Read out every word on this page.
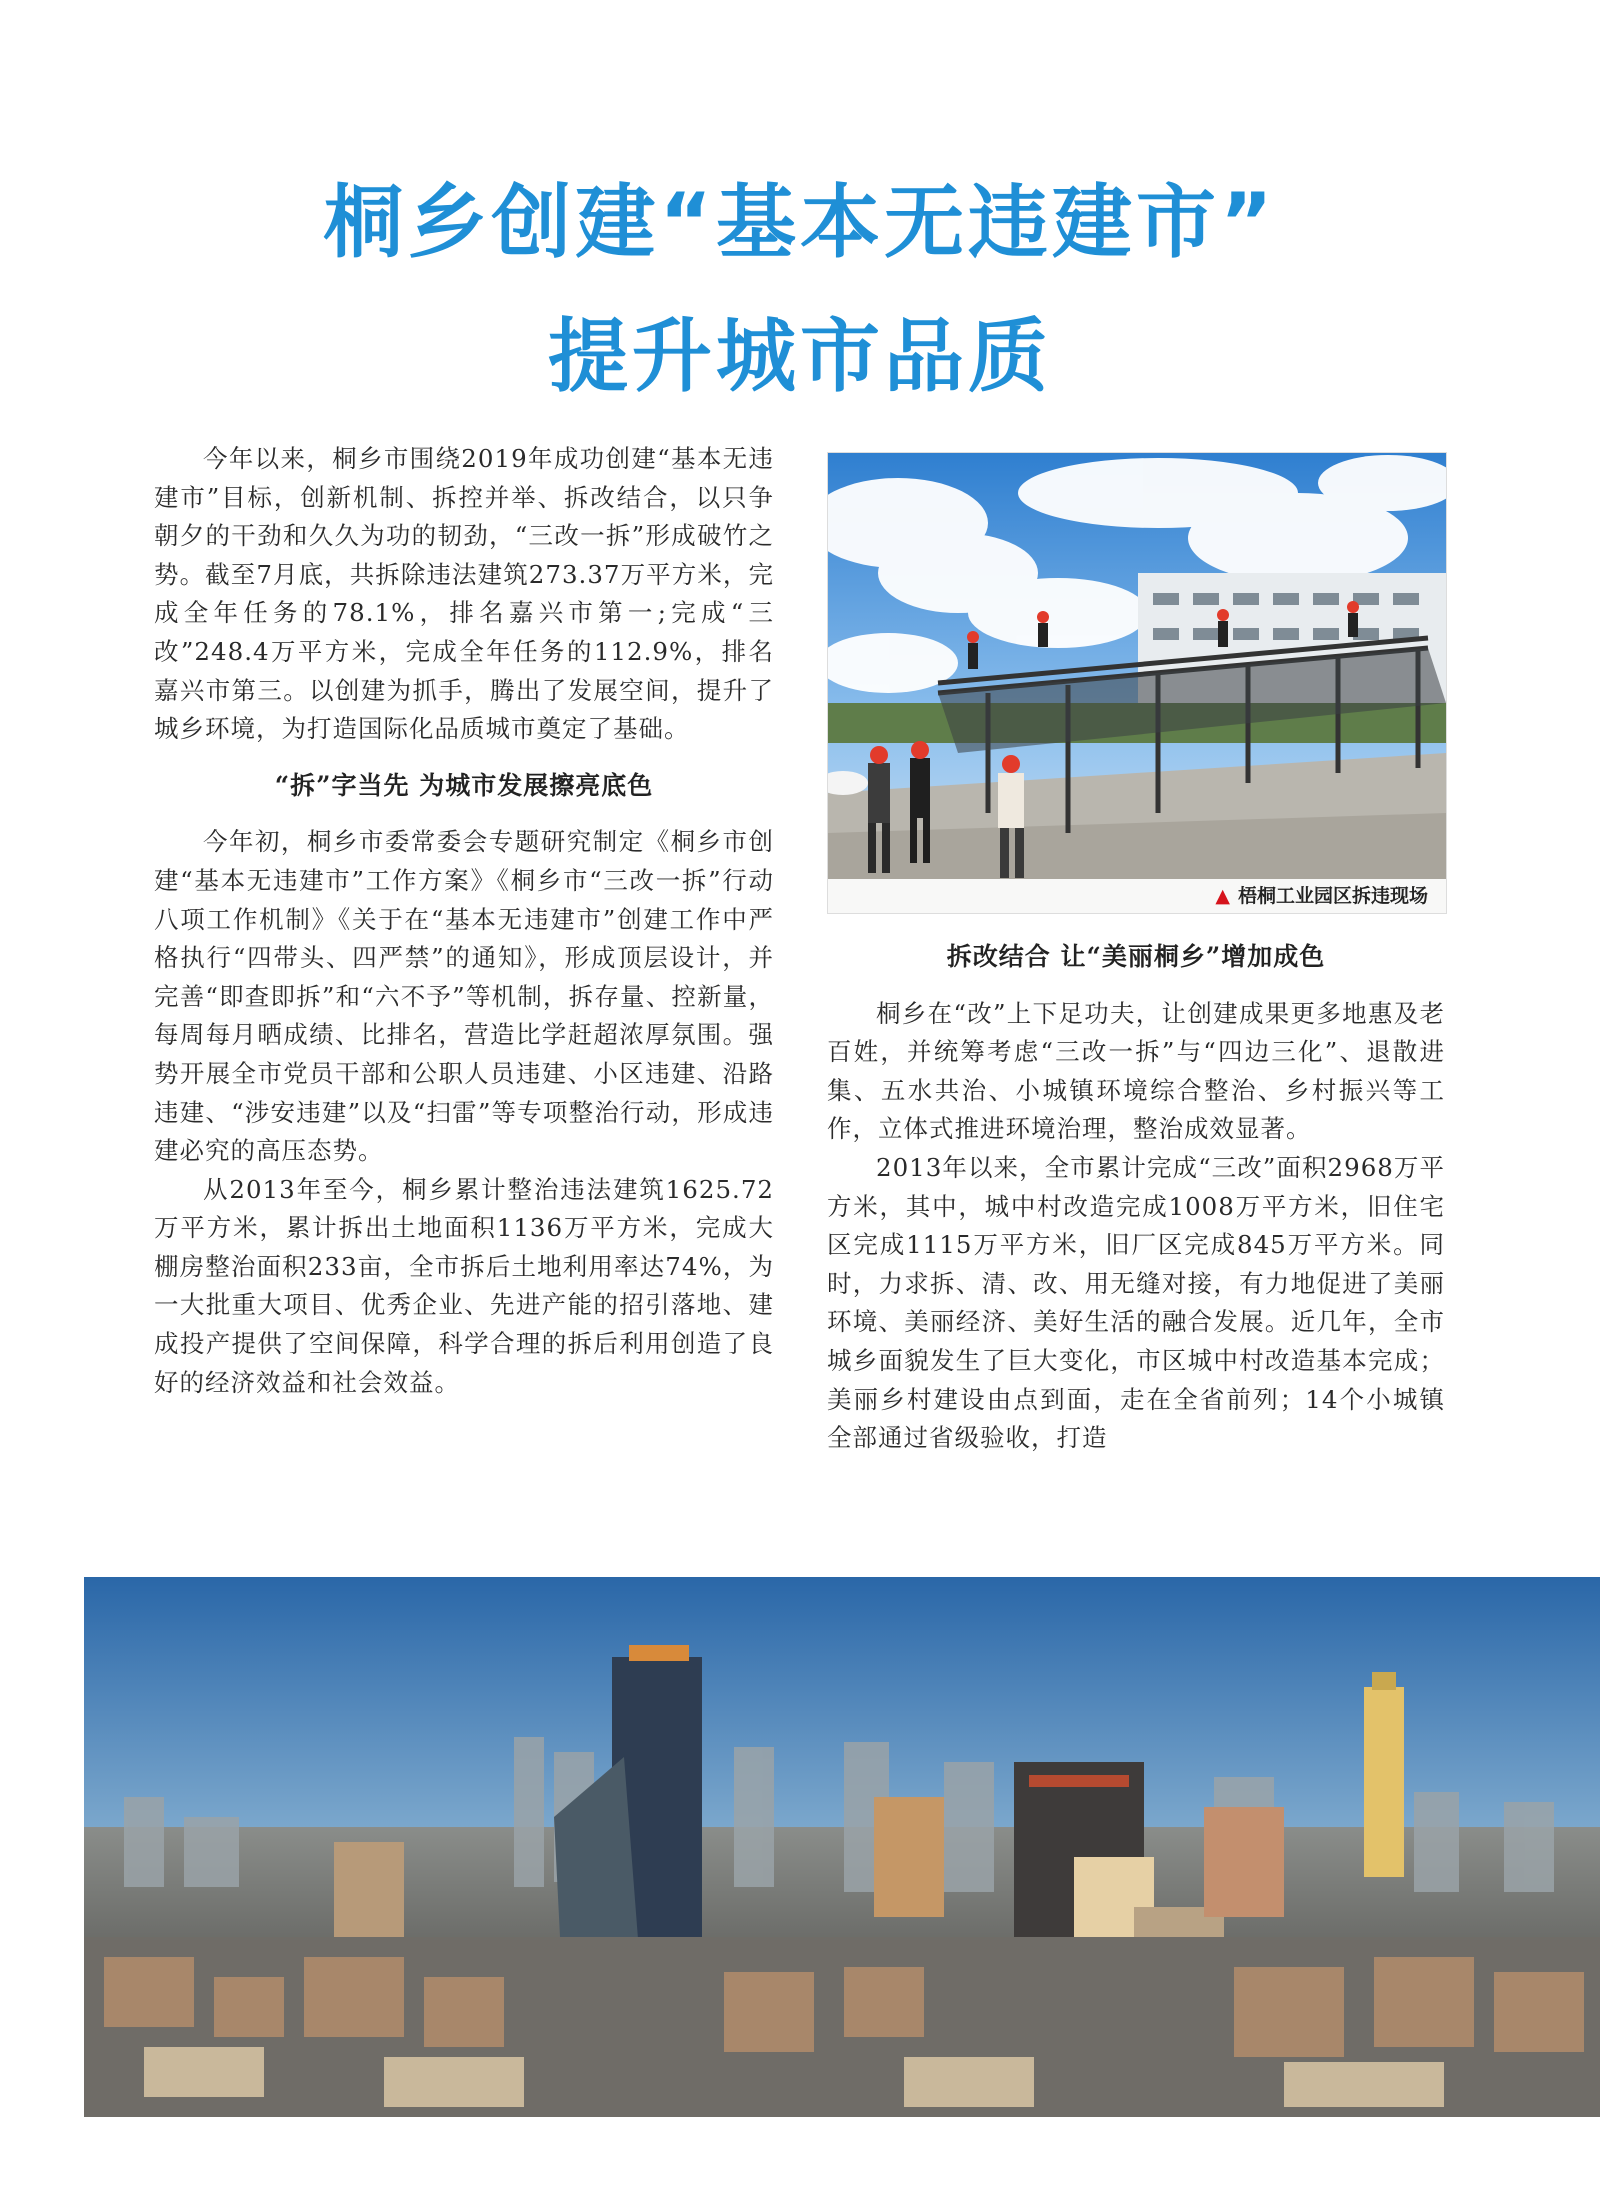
桐乡创建“基本无违建市”
提升城市品质

今年以来，桐乡市围绕2019年成功创建“基本无违建市”目标，创新机制、拆控并举、拆改结合，以只争朝夕的干劲和久久为功的韧劲，“三改一拆”形成破竹之势。截至7月底，共拆除违法建筑273.37万平方米，完成全年任务的78.1%，排名嘉兴市第一;完成“三改”248.4万平方米，完成全年任务的112.9%，排名嘉兴市第三。以创建为抓手，腾出了发展空间，提升了城乡环境，为打造国际化品质城市奠定了基础。

“拆”字当先 为城市发展擦亮底色

今年初，桐乡市委常委会专题研究制定《桐乡市创建“基本无违建市”工作方案》《桐乡市“三改一拆”行动八项工作机制》《关于在“基本无违建市”创建工作中严格执行“四带头、四严禁”的通知》，形成顶层设计，并完善“即查即拆”和“六不予”等机制，拆存量、控新量，每周每月晒成绩、比排名，营造比学赶超浓厚氛围。强势开展全市党员干部和公职人员违建、小区违建、沿路违建、“涉安违建”以及“扫雷”等专项整治行动，形成违建必究的高压态势。

从2013年至今，桐乡累计整治违法建筑1625.72万平方米，累计拆出土地面积1136万平方米，完成大棚房整治面积233亩，全市拆后土地利用率达74%，为一大批重大项目、优秀企业、先进产能的招引落地、建成投产提供了空间保障，科学合理的拆后利用创造了良好的经济效益和社会效益。

▲ 梧桐工业园区拆违现场
拆改结合 让“美丽桐乡”增加成色

桐乡在“改”上下足功夫，让创建成果更多地惠及老百姓，并统筹考虑“三改一拆”与“四边三化”、退散进集、五水共治、小城镇环境综合整治、乡村振兴等工作，立体式推进环境治理，整治成效显著。

2013年以来，全市累计完成“三改”面积2968万平方米，其中，城中村改造完成1008万平方米，旧住宅区完成1115万平方米，旧厂区完成845万平方米。同时，力求拆、清、改、用无缝对接，有力地促进了美丽环境、美丽经济、美好生活的融合发展。近几年，全市城乡面貌发生了巨大变化，市区城中村改造基本完成；美丽乡村建设由点到面，走在全省前列；14个小城镇全部通过省级验收，打造
